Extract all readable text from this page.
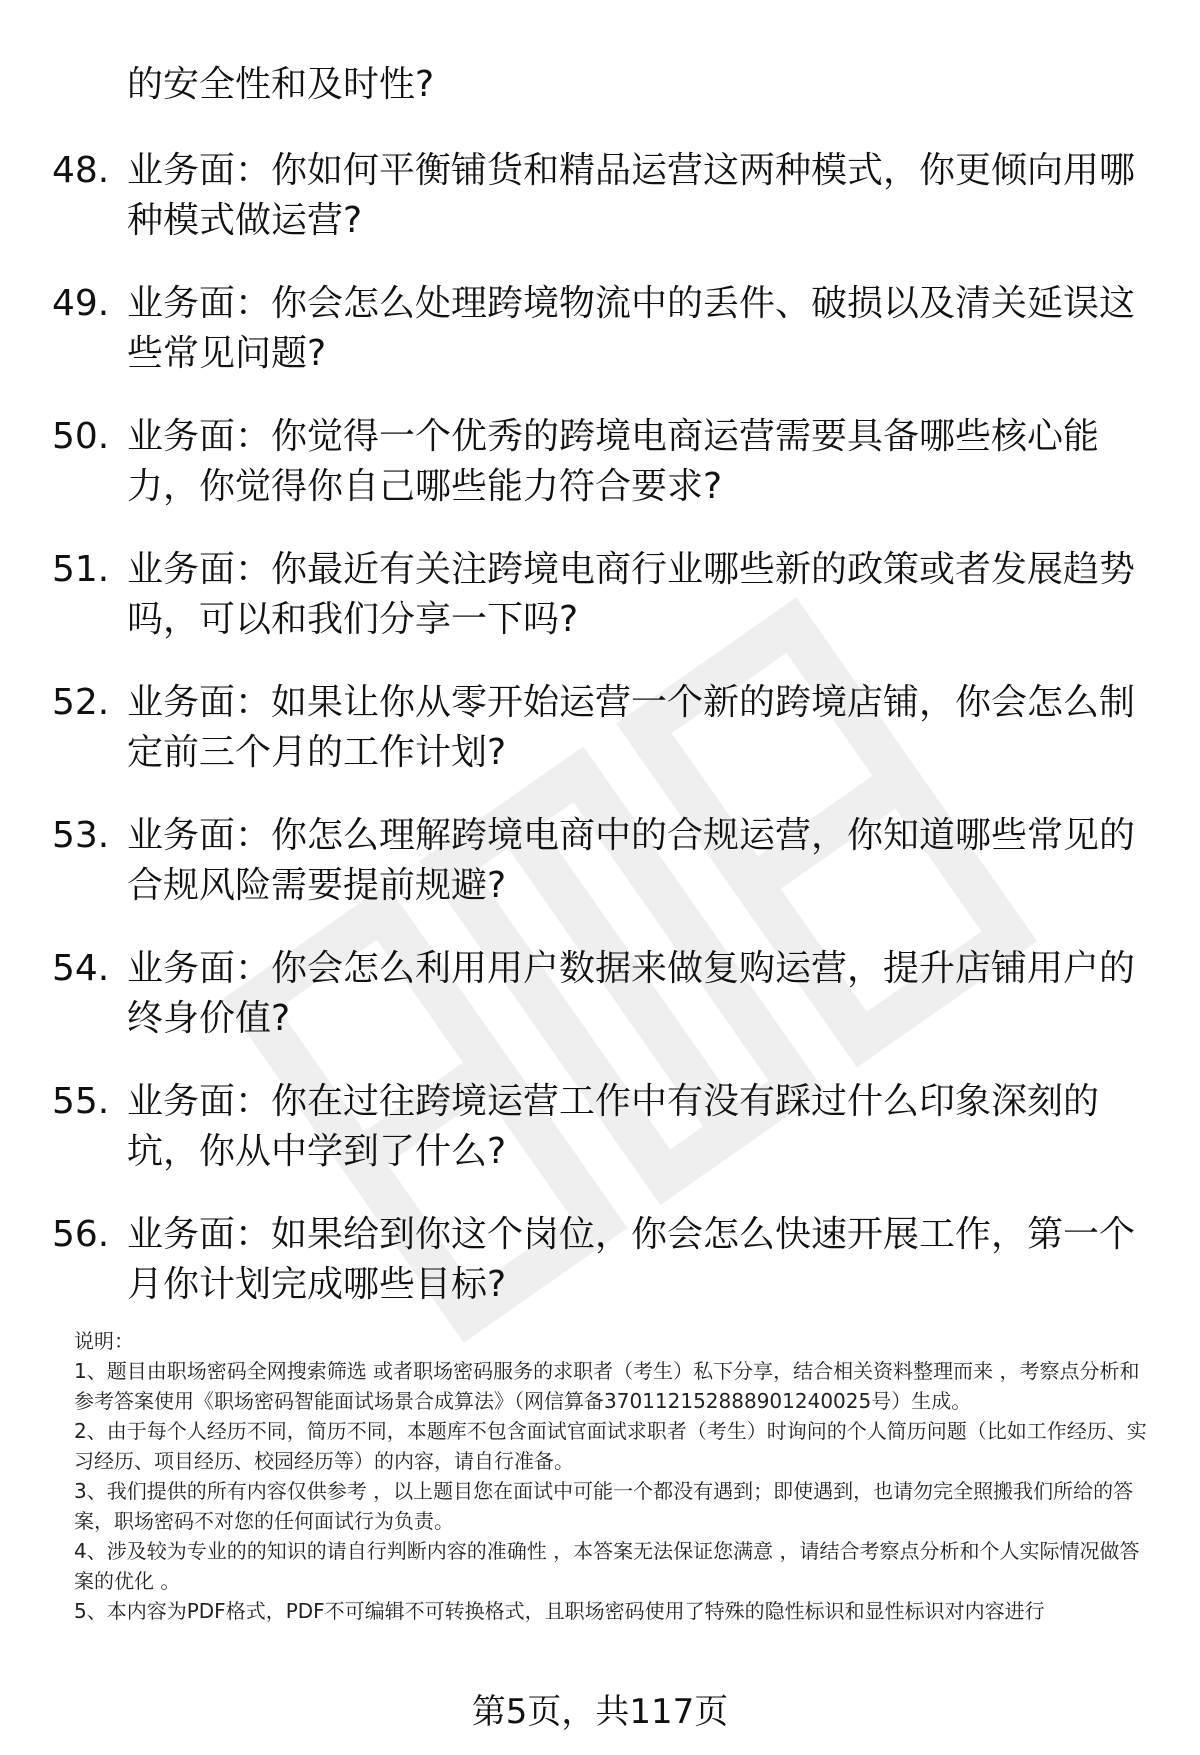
的安全性和及时性?

48. 业务面：你如何平衡铺货和精品运营这两种模式，你更倾向用哪种模式做运营?
49. 业务面：你会怎么处理跨境物流中的丢件、破损以及清关延误这些常见问题?
50. 业务面：你觉得一个优秀的跨境电商运营需要具备哪些核心能力，你觉得你自己哪些能力符合要求?
51. 业务面：你最近有关注跨境电商行业哪些新的政策或者发展趋势吗，可以和我们分享一下吗?
52. 业务面：如果让你从零开始运营一个新的跨境店铺，你会怎么制定前三个月的工作计划?
53. 业务面：你怎么理解跨境电商中的合规运营，你知道哪些常见的合规风险需要提前规避?
54. 业务面：你会怎么利用用户数据来做复购运营，提升店铺用户的终身价值?
55. 业务面：你在过往跨境运营工作中有没有踩过什么印象深刻的坑，你从中学到了什么?
56. 业务面：如果给到你这个岗位，你会怎么快速开展工作，第一个月你计划完成哪些目标?

说明：

1、题目由职场密码全网搜索筛选 或者职场密码服务的求职者（考生）私下分享，结合相关资料整理而来 ，考察点分析和参考答案使用《职场密码智能面试场景合成算法》（网信算备370112152888901240025号）生成。

2、由于每个人经历不同，简历不同，本题库不包含面试官面试求职者（考生）时询问的个人简历问题（比如工作经历、实习经历、项目经历、校园经历等）的内容，请自行准备。

3、我们提供的所有内容仅供参考 ，以上题目您在面试中可能一个都没有遇到；即使遇到，也请勿完全照搬我们所给的答案，职场密码不对您的任何面试行为负责。

4、涉及较为专业的的知识的请自行判断内容的准确性 ，本答案无法保证您满意 ，请结合考察点分析和个人实际情况做答案的优化 。

5、本内容为PDF格式，PDF不可编辑不可转换格式，且职场密码使用了特殊的隐性标识和显性标识对内容进行

第5页，共117页
